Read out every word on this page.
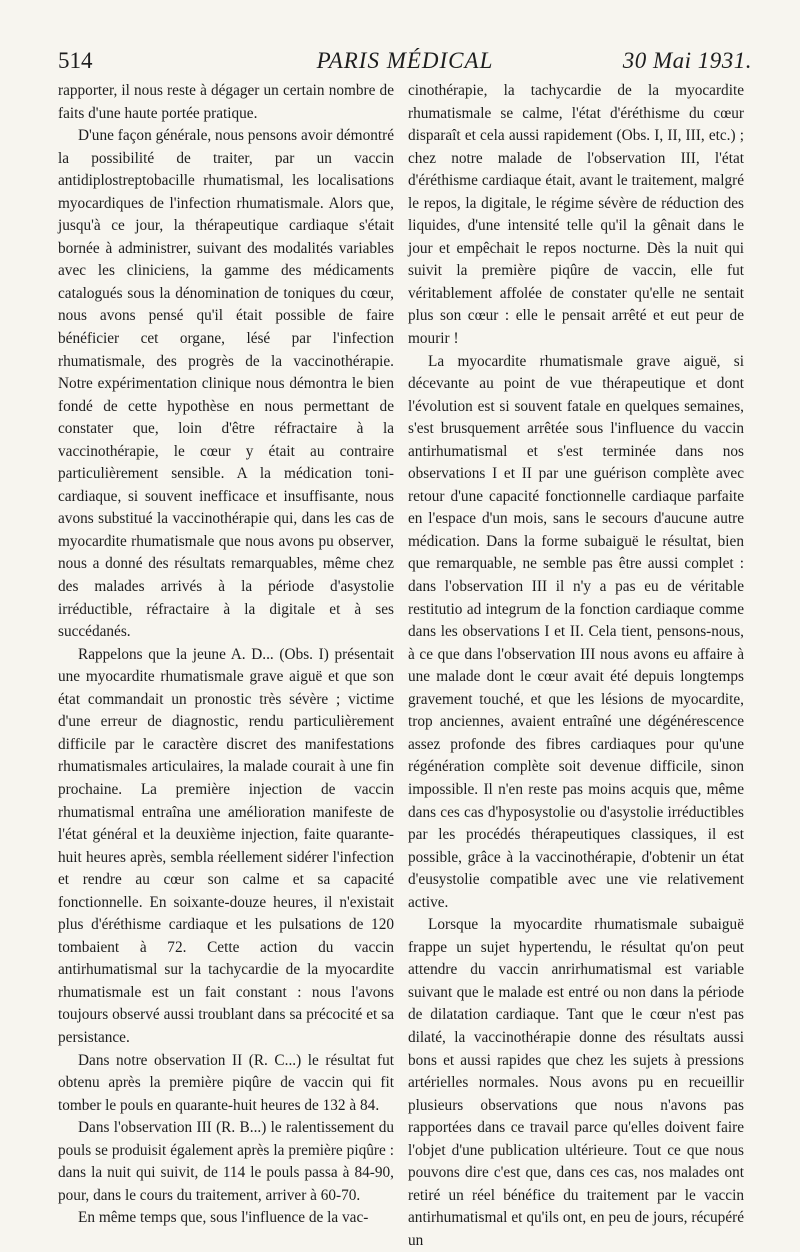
514	PARIS MÉDICAL	30 Mai 1931.

rapporter, il nous reste à dégager un certain nombre de faits d'une haute portée pratique.

D'une façon générale, nous pensons avoir démontré la possibilité de traiter, par un vaccin antidiplostreptobacille rhumatismal, les localisations myocardiques de l'infection rhumatismale. Alors que, jusqu'à ce jour, la thérapeutique cardiaque s'était bornée à administrer, suivant des modalités variables avec les cliniciens, la gamme des médicaments catalogués sous la dénomination de toniques du cœur, nous avons pensé qu'il était possible de faire bénéficier cet organe, lésé par l'infection rhumatismale, des progrès de la vaccinothérapie. Notre expérimentation clinique nous démontra le bien fondé de cette hypothèse en nous permettant de constater que, loin d'être réfractaire à la vaccinothérapie, le cœur y était au contraire particulièrement sensible. A la médication toni-cardiaque, si souvent inefficace et insuffisante, nous avons substitué la vaccinothérapie qui, dans les cas de myocardite rhumatismale que nous avons pu observer, nous a donné des résultats remarquables, même chez des malades arrivés à la période d'asystolie irréductible, réfractaire à la digitale et à ses succédanés.

Rappelons que la jeune A. D... (Obs. I) présentait une myocardite rhumatismale grave aiguë et que son état commandait un pronostic très sévère ; victime d'une erreur de diagnostic, rendu particulièrement difficile par le caractère discret des manifestations rhumatismales articulaires, la malade courait à une fin prochaine. La première injection de vaccin rhumatismal entraîna une amélioration manifeste de l'état général et la deuxième injection, faite quarante-huit heures après, sembla réellement sidérer l'infection et rendre au cœur son calme et sa capacité fonctionnelle. En soixante-douze heures, il n'existait plus d'éréthisme cardiaque et les pulsations de 120 tombaient à 72. Cette action du vaccin antirhumatismal sur la tachycardie de la myocardite rhumatismale est un fait constant : nous l'avons toujours observé aussi troublant dans sa précocité et sa persistance.

Dans notre observation II (R. C...) le résultat fut obtenu après la première piqûre de vaccin qui fit tomber le pouls en quarante-huit heures de 132 à 84.

Dans l'observation III (R. B...) le ralentissement du pouls se produisit également après la première piqûre : dans la nuit qui suivit, de 114 le pouls passa à 84-90, pour, dans le cours du traitement, arriver à 60-70.

En même temps que, sous l'influence de la vac-

cinothérapie, la tachycardie de la myocardite rhumatismale se calme, l'état d'éréthisme du cœur disparaît et cela aussi rapidement (Obs. I, II, III, etc.) ; chez notre malade de l'observation III, l'état d'éréthisme cardiaque était, avant le traitement, malgré le repos, la digitale, le régime sévère de réduction des liquides, d'une intensité telle qu'il la gênait dans le jour et empêchait le repos nocturne. Dès la nuit qui suivit la première piqûre de vaccin, elle fut véritablement affolée de constater qu'elle ne sentait plus son cœur : elle le pensait arrêté et eut peur de mourir !

La myocardite rhumatismale grave aiguë, si décevante au point de vue thérapeutique et dont l'évolution est si souvent fatale en quelques semaines, s'est brusquement arrêtée sous l'influence du vaccin antirhumatismal et s'est terminée dans nos observations I et II par une guérison complète avec retour d'une capacité fonctionnelle cardiaque parfaite en l'espace d'un mois, sans le secours d'aucune autre médication. Dans la forme subaiguë le résultat, bien que remarquable, ne semble pas être aussi complet : dans l'observation III il n'y a pas eu de véritable restitutio ad integrum de la fonction cardiaque comme dans les observations I et II. Cela tient, pensons-nous, à ce que dans l'observation III nous avons eu affaire à une malade dont le cœur avait été depuis longtemps gravement touché, et que les lésions de myocardite, trop anciennes, avaient entraîné une dégénérescence assez profonde des fibres cardiaques pour qu'une régénération complète soit devenue difficile, sinon impossible. Il n'en reste pas moins acquis que, même dans ces cas d'hyposystolie ou d'asystolie irréductibles par les procédés thérapeutiques classiques, il est possible, grâce à la vaccinothérapie, d'obtenir un état d'eusystolie compatible avec une vie relativement active.

Lorsque la myocardite rhumatismale subaiguë frappe un sujet hypertendu, le résultat qu'on peut attendre du vaccin anrirhumatismal est variable suivant que le malade est entré ou non dans la période de dilatation cardiaque. Tant que le cœur n'est pas dilaté, la vaccinothérapie donne des résultats aussi bons et aussi rapides que chez les sujets à pressions artérielles normales. Nous avons pu en recueillir plusieurs observations que nous n'avons pas rapportées dans ce travail parce qu'elles doivent faire l'objet d'une publication ultérieure. Tout ce que nous pouvons dire c'est que, dans ces cas, nos malades ont retiré un réel bénéfice du traitement par le vaccin antirhumatismal et qu'ils ont, en peu de jours, récupéré un
